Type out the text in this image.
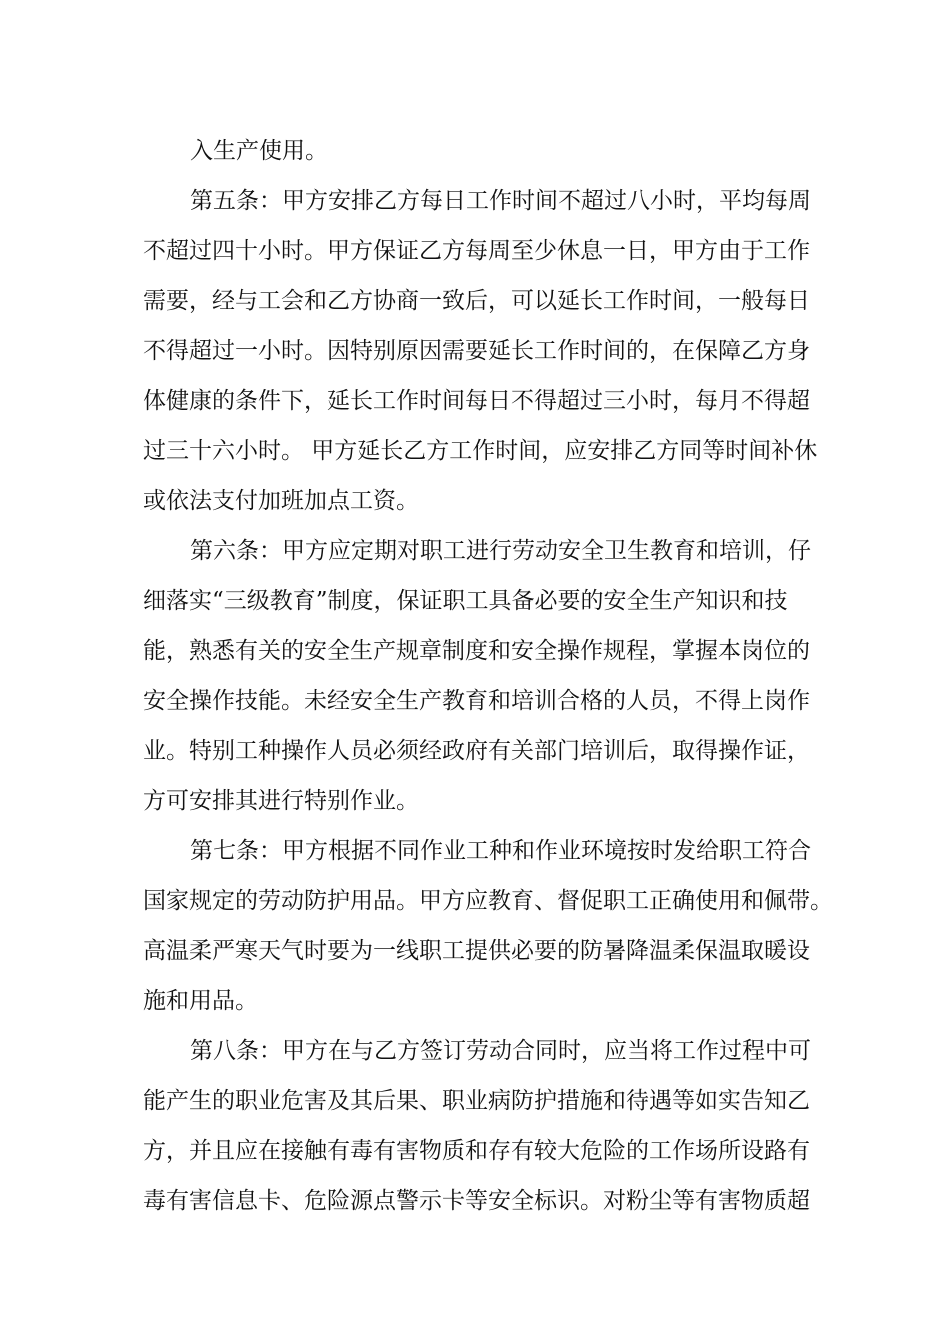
入生产使用。
第五条：甲方安排乙方每日工作时间不超过八小时，平均每周
不超过四十小时。甲方保证乙方每周至少休息一日，甲方由于工作
需要，经与工会和乙方协商一致后，可以延长工作时间，一般每日
不得超过一小时。因特别原因需要延长工作时间的，在保障乙方身
体健康的条件下，延长工作时间每日不得超过三小时，每月不得超
过三十六小时。 甲方延长乙方工作时间，应安排乙方同等时间补休
或依法支付加班加点工资。
第六条：甲方应定期对职工进行劳动安全卫生教育和培训，仔
细落实“三级教育”制度，保证职工具备必要的安全生产知识和技
能，熟悉有关的安全生产规章制度和安全操作规程，掌握本岗位的
安全操作技能。未经安全生产教育和培训合格的人员，不得上岗作
业。特别工种操作人员必须经政府有关部门培训后，取得操作证，
方可安排其进行特别作业。
第七条：甲方根据不同作业工种和作业环境按时发给职工符合
国家规定的劳动防护用品。甲方应教育、督促职工正确使用和佩带。
高温柔严寒天气时要为一线职工提供必要的防暑降温柔保温取暖设
施和用品。
第八条：甲方在与乙方签订劳动合同时，应当将工作过程中可
能产生的职业危害及其后果、职业病防护措施和待遇等如实告知乙
方，并且应在接触有毒有害物质和存有较大危险的工作场所设路有
毒有害信息卡、危险源点警示卡等安全标识。对粉尘等有害物质超
